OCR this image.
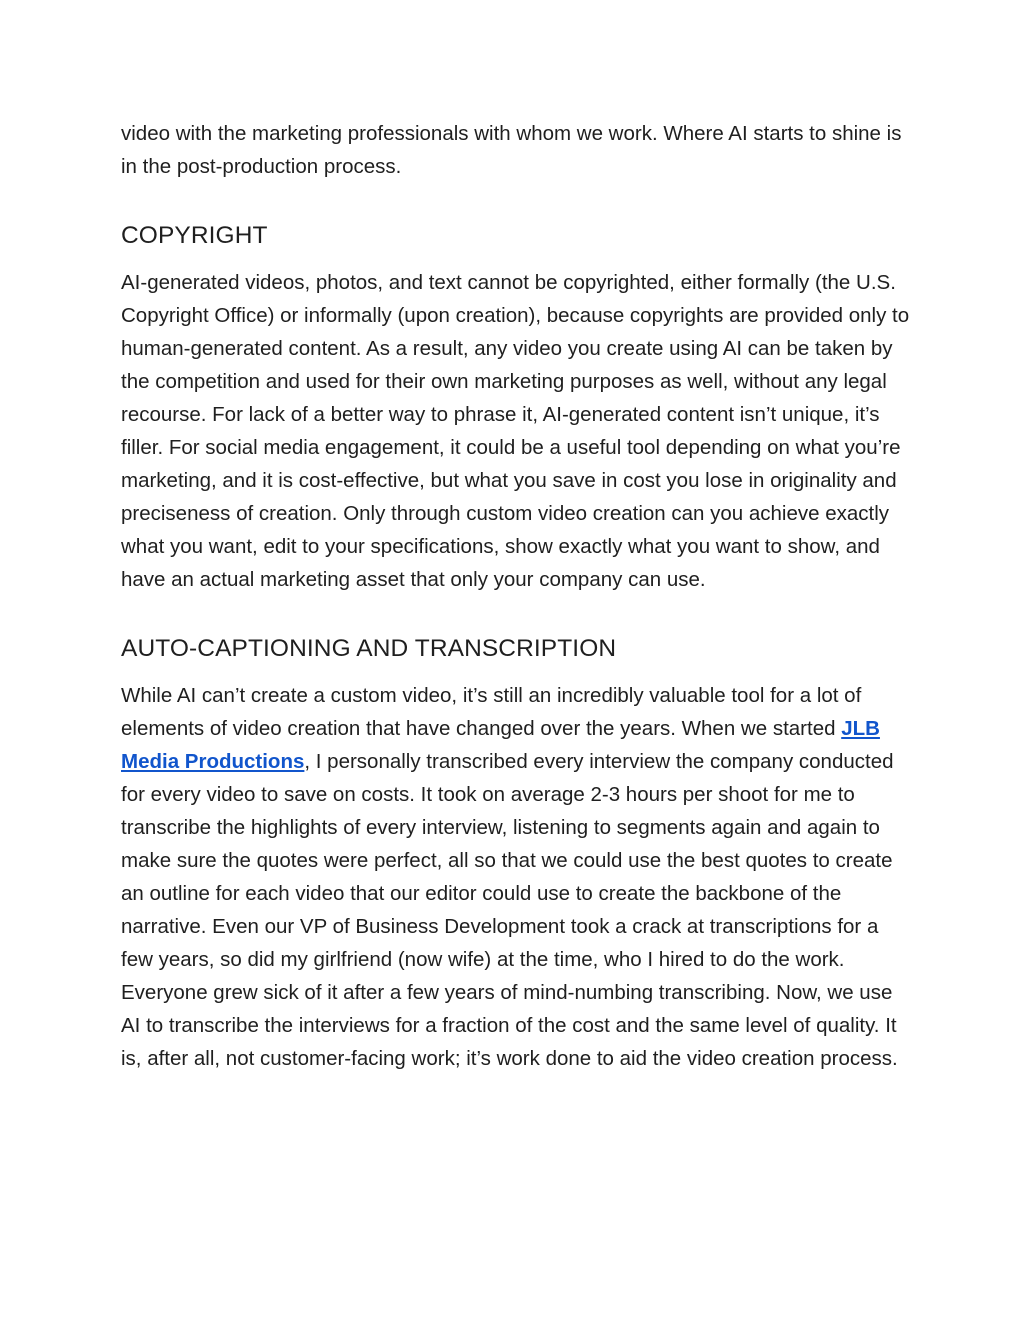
video with the marketing professionals with whom we work. Where AI starts to shine is in the post-production process.

COPYRIGHT

AI-generated videos, photos, and text cannot be copyrighted, either formally (the U.S. Copyright Office) or informally (upon creation), because copyrights are provided only to human-generated content. As a result, any video you create using AI can be taken by the competition and used for their own marketing purposes as well, without any legal recourse. For lack of a better way to phrase it, AI-generated content isn’t unique, it’s filler. For social media engagement, it could be a useful tool depending on what you’re marketing, and it is cost-effective, but what you save in cost you lose in originality and preciseness of creation. Only through custom video creation can you achieve exactly what you want, edit to your specifications, show exactly what you want to show, and have an actual marketing asset that only your company can use.

AUTO-CAPTIONING AND TRANSCRIPTION

While AI can’t create a custom video, it’s still an incredibly valuable tool for a lot of elements of video creation that have changed over the years. When we started JLB Media Productions, I personally transcribed every interview the company conducted for every video to save on costs. It took on average 2-3 hours per shoot for me to transcribe the highlights of every interview, listening to segments again and again to make sure the quotes were perfect, all so that we could use the best quotes to create an outline for each video that our editor could use to create the backbone of the narrative. Even our VP of Business Development took a crack at transcriptions for a few years, so did my girlfriend (now wife) at the time, who I hired to do the work. Everyone grew sick of it after a few years of mind-numbing transcribing. Now, we use AI to transcribe the interviews for a fraction of the cost and the same level of quality. It is, after all, not customer-facing work; it’s work done to aid the video creation process.
